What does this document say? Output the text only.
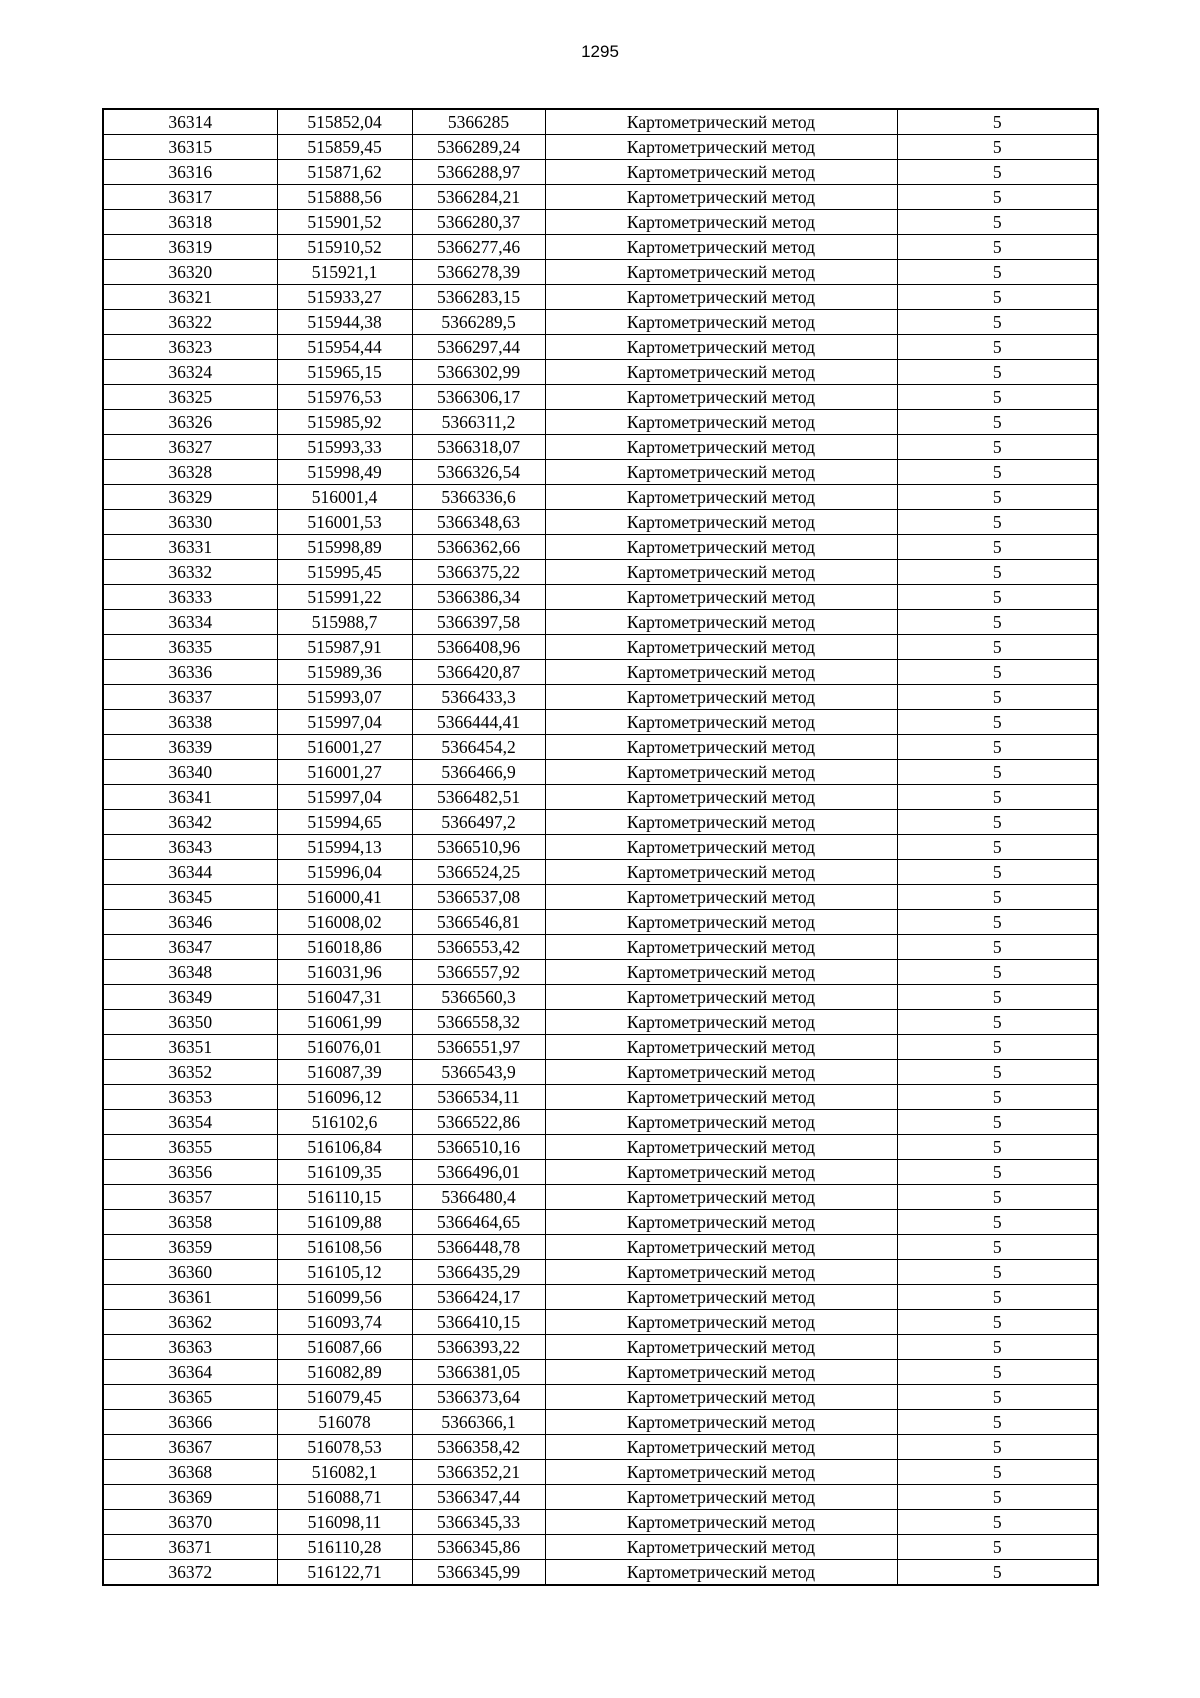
1295
36314	515852,04	5366285	Картометрический метод	5
36315	515859,45	5366289,24	Картометрический метод	5
36316	515871,62	5366288,97	Картометрический метод	5
36317	515888,56	5366284,21	Картометрический метод	5
36318	515901,52	5366280,37	Картометрический метод	5
36319	515910,52	5366277,46	Картометрический метод	5
36320	515921,1	5366278,39	Картометрический метод	5
36321	515933,27	5366283,15	Картометрический метод	5
36322	515944,38	5366289,5	Картометрический метод	5
36323	515954,44	5366297,44	Картометрический метод	5
36324	515965,15	5366302,99	Картометрический метод	5
36325	515976,53	5366306,17	Картометрический метод	5
36326	515985,92	5366311,2	Картометрический метод	5
36327	515993,33	5366318,07	Картометрический метод	5
36328	515998,49	5366326,54	Картометрический метод	5
36329	516001,4	5366336,6	Картометрический метод	5
36330	516001,53	5366348,63	Картометрический метод	5
36331	515998,89	5366362,66	Картометрический метод	5
36332	515995,45	5366375,22	Картометрический метод	5
36333	515991,22	5366386,34	Картометрический метод	5
36334	515988,7	5366397,58	Картометрический метод	5
36335	515987,91	5366408,96	Картометрический метод	5
36336	515989,36	5366420,87	Картометрический метод	5
36337	515993,07	5366433,3	Картометрический метод	5
36338	515997,04	5366444,41	Картометрический метод	5
36339	516001,27	5366454,2	Картометрический метод	5
36340	516001,27	5366466,9	Картометрический метод	5
36341	515997,04	5366482,51	Картометрический метод	5
36342	515994,65	5366497,2	Картометрический метод	5
36343	515994,13	5366510,96	Картометрический метод	5
36344	515996,04	5366524,25	Картометрический метод	5
36345	516000,41	5366537,08	Картометрический метод	5
36346	516008,02	5366546,81	Картометрический метод	5
36347	516018,86	5366553,42	Картометрический метод	5
36348	516031,96	5366557,92	Картометрический метод	5
36349	516047,31	5366560,3	Картометрический метод	5
36350	516061,99	5366558,32	Картометрический метод	5
36351	516076,01	5366551,97	Картометрический метод	5
36352	516087,39	5366543,9	Картометрический метод	5
36353	516096,12	5366534,11	Картометрический метод	5
36354	516102,6	5366522,86	Картометрический метод	5
36355	516106,84	5366510,16	Картометрический метод	5
36356	516109,35	5366496,01	Картометрический метод	5
36357	516110,15	5366480,4	Картометрический метод	5
36358	516109,88	5366464,65	Картометрический метод	5
36359	516108,56	5366448,78	Картометрический метод	5
36360	516105,12	5366435,29	Картометрический метод	5
36361	516099,56	5366424,17	Картометрический метод	5
36362	516093,74	5366410,15	Картометрический метод	5
36363	516087,66	5366393,22	Картометрический метод	5
36364	516082,89	5366381,05	Картометрический метод	5
36365	516079,45	5366373,64	Картометрический метод	5
36366	516078	5366366,1	Картометрический метод	5
36367	516078,53	5366358,42	Картометрический метод	5
36368	516082,1	5366352,21	Картометрический метод	5
36369	516088,71	5366347,44	Картометрический метод	5
36370	516098,11	5366345,33	Картометрический метод	5
36371	516110,28	5366345,86	Картометрический метод	5
36372	516122,71	5366345,99	Картометрический метод	5
